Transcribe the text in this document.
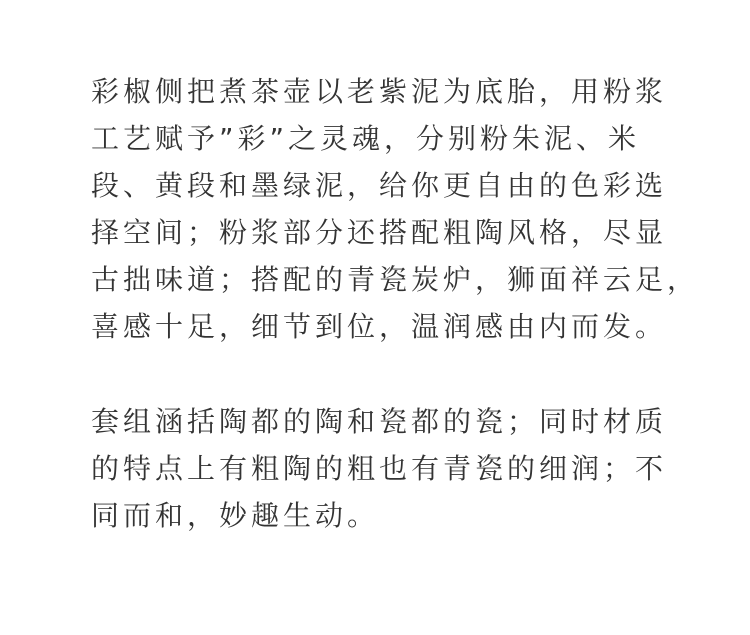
彩椒侧把煮茶壶以老紫泥为底胎，用粉浆
工艺赋予”彩”之灵魂，分别粉朱泥、米
段、黄段和墨绿泥，给你更自由的色彩选
择空间；粉浆部分还搭配粗陶风格，尽显
古拙味道；搭配的青瓷炭炉，狮面祥云足，
喜感十足，细节到位，温润感由内而发。
套组涵括陶都的陶和瓷都的瓷；同时材质
的特点上有粗陶的粗也有青瓷的细润；不
同而和，妙趣生动。
